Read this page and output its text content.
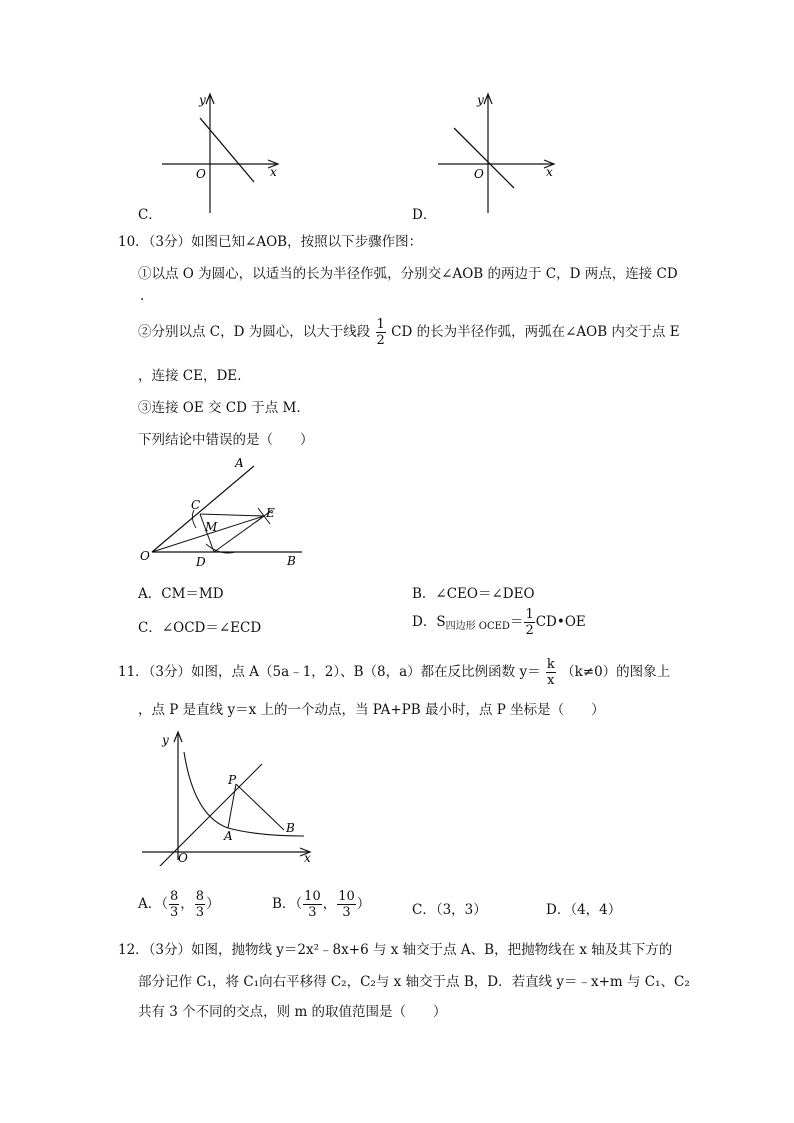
y
x
O
C．
y
x
O
D．
10．（3分）如图已知∠AOB，按照以下步骤作图：
①以点 O 为圆心，以适当的长为半径作弧，分别交∠AOB 的两边于 C，D 两点，连接 CD
.
②分别以点 C，D 为圆心，以大于线段 $\frac{1}{2}$ CD 的长为半径作弧，两弧在∠AOB 内交于点 E
，连接 CE，DE.
③连接 OE 交 CD 于点 M.
下列结论中错误的是（　　）
A
B
C
D
E
M
O
A．CM＝MD	B．∠CEO＝∠DEO
C．∠OCD＝∠ECD	D．$S_{四边形 OCED}= \frac{1}{2}$ CD•OE
11．（3分）如图，点 A（5a﹣1，2）、B（8，a）都在反比例函数 $y= \frac{k}{x} (k\ne 0)$的图象上
，点 P 是直线 y＝x 上的一个动点，当 PA+PB 最小时，点 P 坐标是（　　）
y
x
O
P
A
B
A．（ $\frac{8}{3}$ ， $\frac{8}{3}$ ）	B．（ $\frac{10}{3}$ ， $\frac{10}{3}$ ）	C．（3，3）	D．（4，4）
12．（3分）如图，抛物线 y＝2x²﹣8x+6 与 x 轴交于点 A、B，把抛物线在 x 轴及其下方的
部分记作 C₁，将 C₁向右平移得 C₂，C₂与 x 轴交于点 B，D．若直线 y＝﹣x+m 与 C₁、C₂
共有 3 个不同的交点，则 m 的取值范围是（　　）
